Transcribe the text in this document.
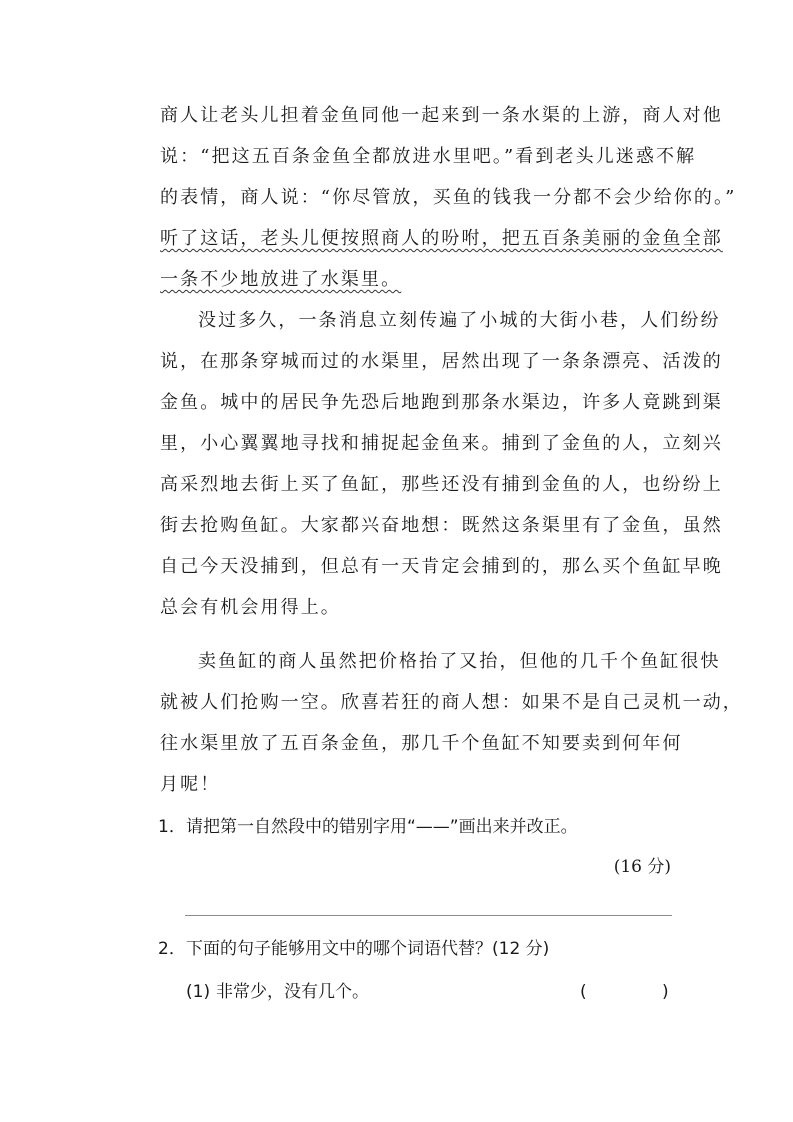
商人让老头儿担着金鱼同他一起来到一条水渠的上游，商人对他
说：“把这五百条金鱼全都放进水里吧。”看到老头儿迷惑不解
的表情，商人说：“你尽管放，买鱼的钱我一分都不会少给你的。”
听了这话，老头儿便按照商人的吩咐，把五百条美丽的金鱼全部
一条不少地放进了水渠里。
没过多久，一条消息立刻传遍了小城的大街小巷，人们纷纷
说，在那条穿城而过的水渠里，居然出现了一条条漂亮、活泼的
金鱼。城中的居民争先恐后地跑到那条水渠边，许多人竟跳到渠
里，小心翼翼地寻找和捕捉起金鱼来。捕到了金鱼的人，立刻兴
高采烈地去街上买了鱼缸，那些还没有捕到金鱼的人，也纷纷上
街去抢购鱼缸。大家都兴奋地想：既然这条渠里有了金鱼，虽然
自己今天没捕到，但总有一天肯定会捕到的，那么买个鱼缸早晚
总会有机会用得上。
卖鱼缸的商人虽然把价格抬了又抬，但他的几千个鱼缸很快
就被人们抢购一空。欣喜若狂的商人想：如果不是自己灵机一动，
往水渠里放了五百条金鱼，那几千个鱼缸不知要卖到何年何
月呢！
1． 请把第一自然段中的错别字用“——”画出来并改正。
(16 分)
2． 下面的句子能够用文中的哪个词语代替？(12 分)
(1) 非常少，没有几个。	(	)
